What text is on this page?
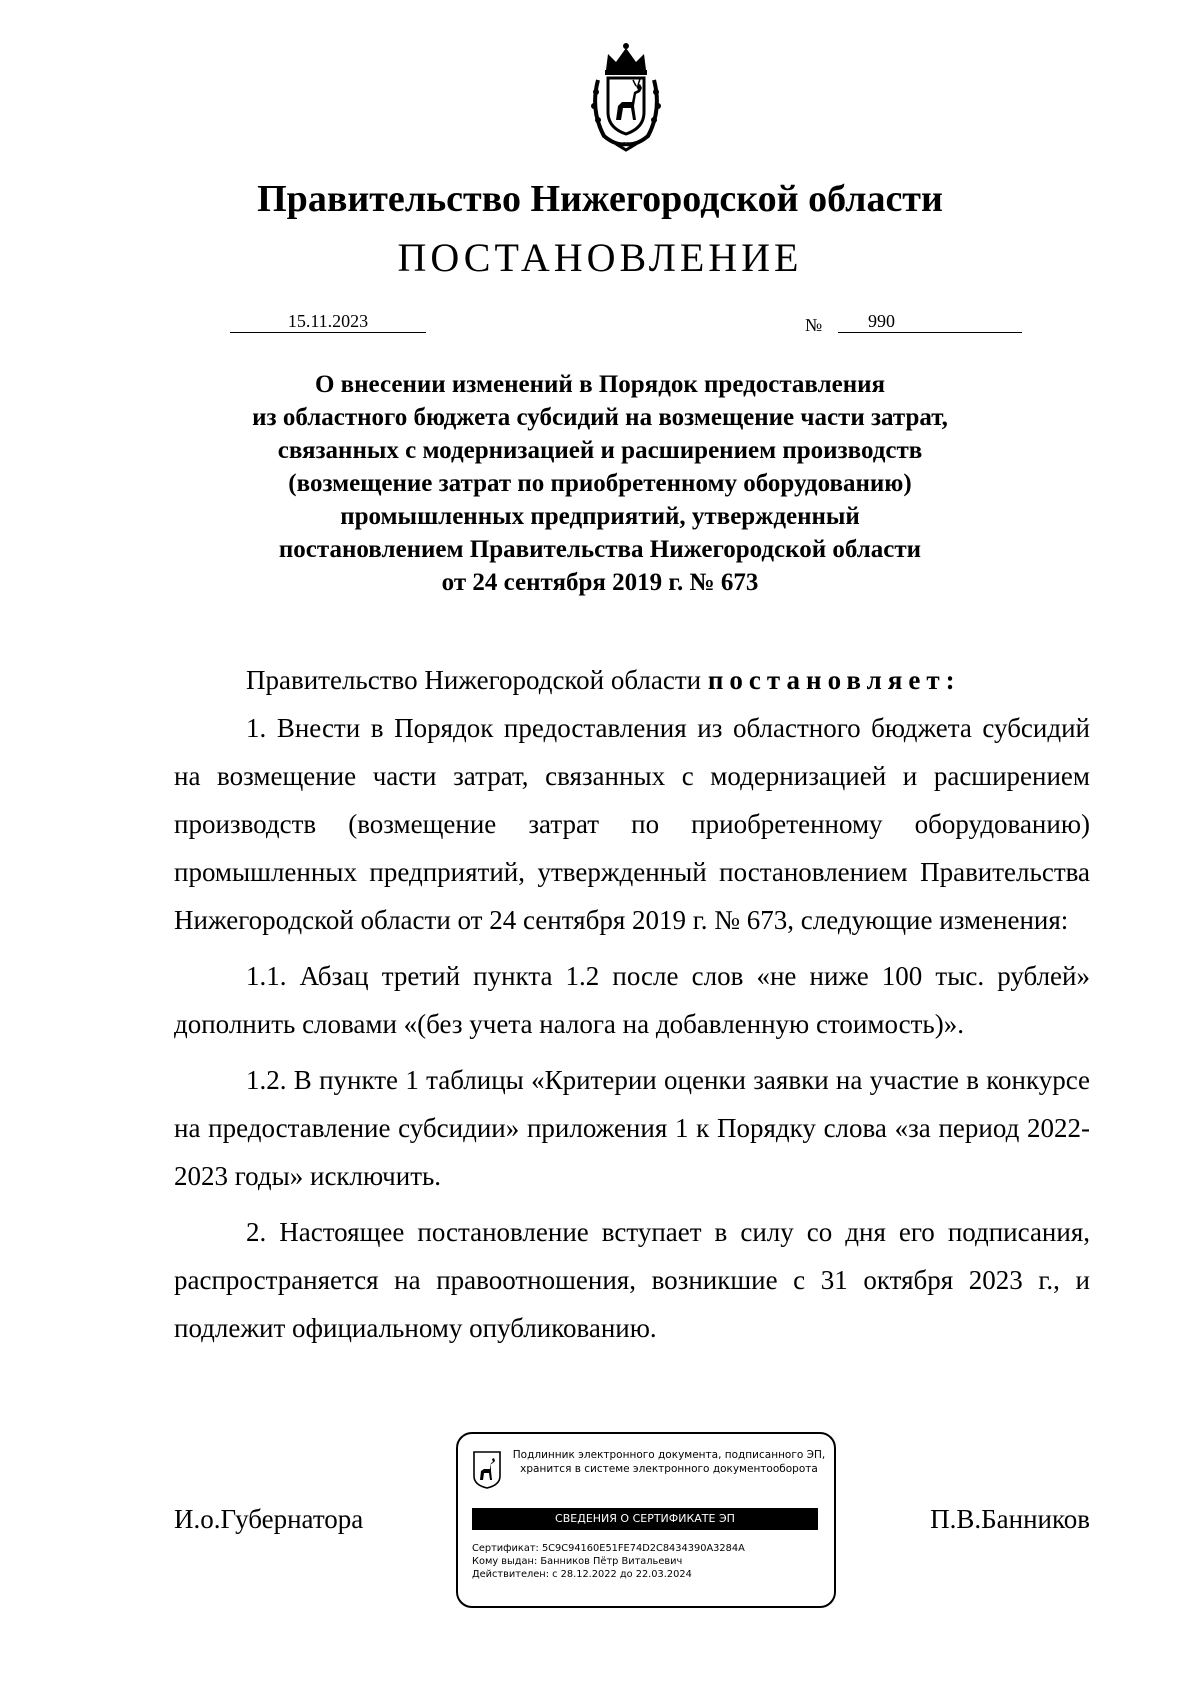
Правительство Нижегородской области
ПОСТАНОВЛЕНИЕ
15.11.2023	№	990
О внесении изменений в Порядок предоставления
из областного бюджета субсидий на возмещение части затрат,
связанных с модернизацией и расширением производств
(возмещение затрат по приобретенному оборудованию)
промышленных предприятий, утвержденный
постановлением Правительства Нижегородской области
от 24 сентября 2019 г. № 673

Правительство Нижегородской области постановляет:

1. Внести в Порядок предоставления из областного бюджета субсидий на возмещение части затрат, связанных с модернизацией и расширением производств (возмещение затрат по приобретенному оборудованию) промышленных предприятий, утвержденный постановлением Правительства Нижегородской области от 24 сентября 2019 г. № 673, следующие изменения:

1.1. Абзац третий пункта 1.2 после слов «не ниже 100 тыс. рублей» дополнить словами «(без учета налога на добавленную стоимость)».

1.2. В пункте 1 таблицы «Критерии оценки заявки на участие в конкурсе на предоставление субсидии» приложения 1 к Порядку слова «за период 2022-2023 годы» исключить.

2. Настоящее постановление вступает в силу со дня его подписания, распространяется на правоотношения, возникшие с 31 октября 2023 г., и подлежит официальному опубликованию.

И.о.Губернатора	П.В.Банников
Подлинник электронного документа, подписанного ЭП,
хранится в системе электронного документооборота
СВЕДЕНИЯ О СЕРТИФИКАТЕ ЭП
Сертификат: 5C9C94160E51FE74D2C8434390A3284A
Кому выдан: Банников Пётр Витальевич
Действителен: с 28.12.2022 до 22.03.2024
